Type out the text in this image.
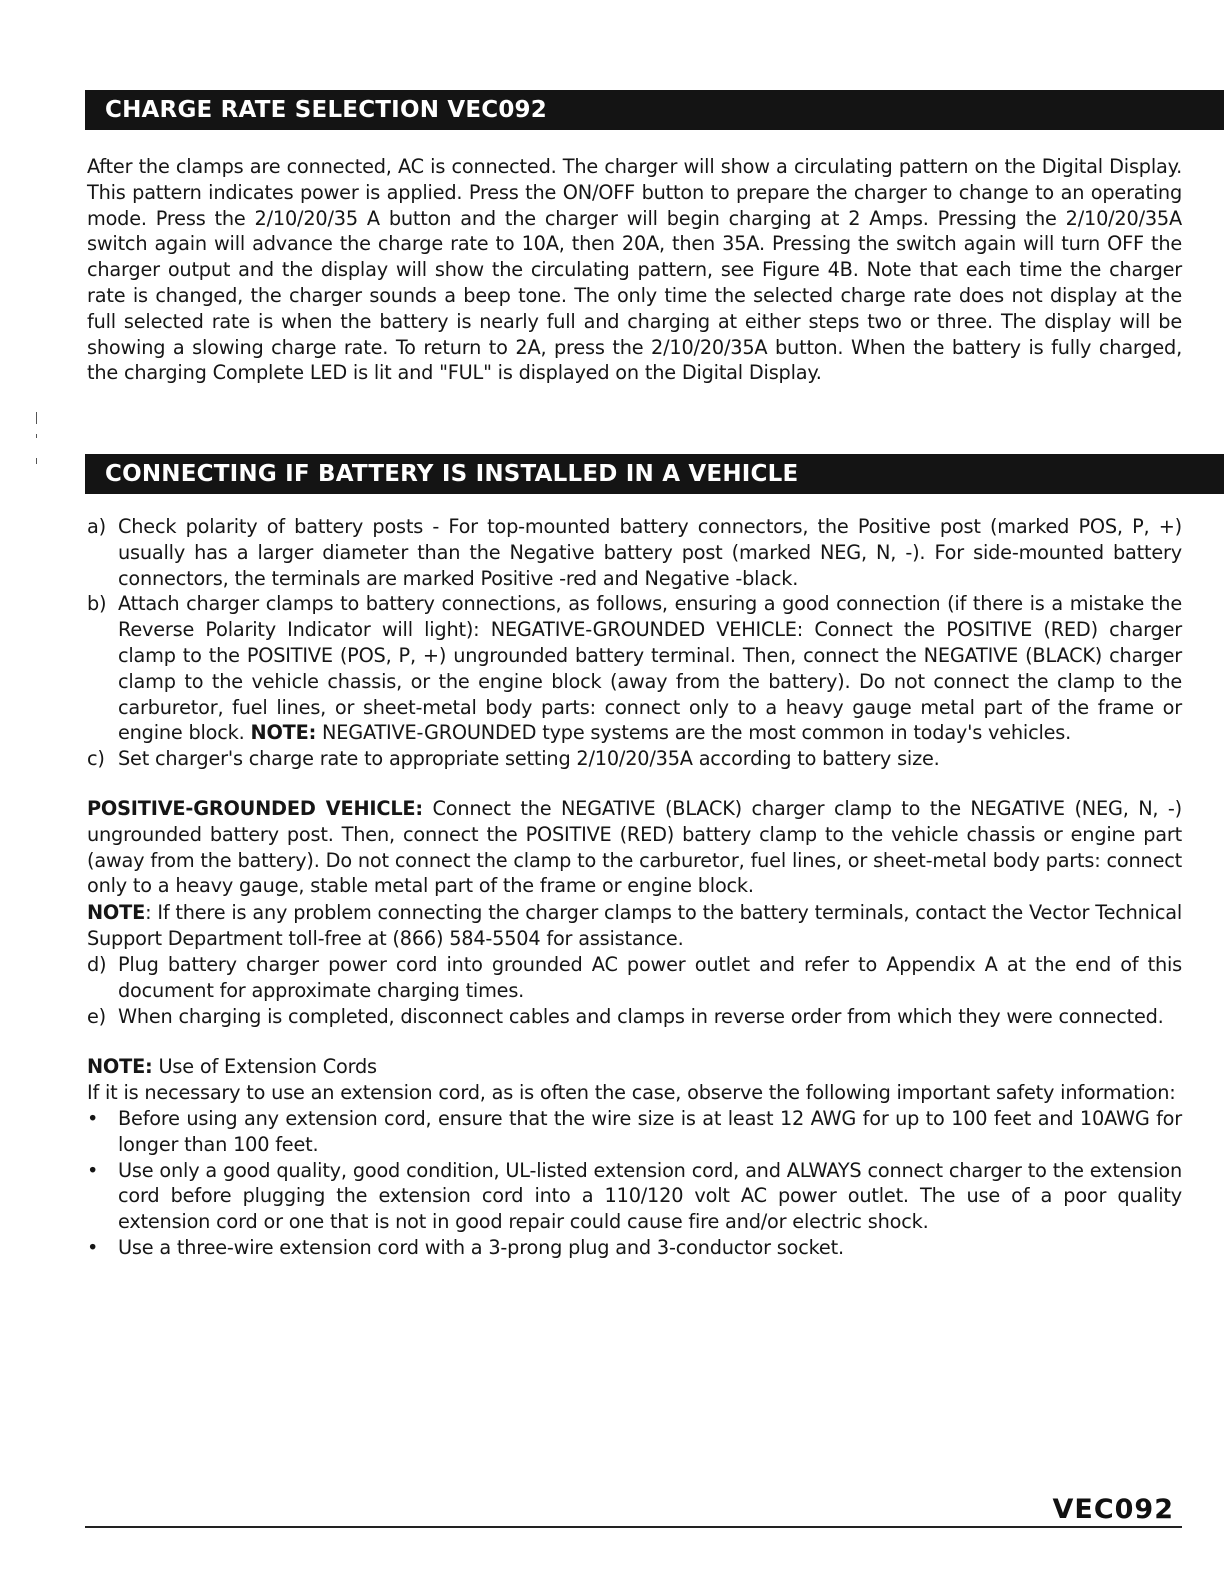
CHARGE RATE SELECTION VEC092
After the clamps are connected, AC is connected. The charger will show a circulating pattern on the Digital Display. This pattern indicates power is applied. Press the ON/OFF button to prepare the charger to change to an operating mode. Press the 2/10/20/35 A button and the charger will begin charging at 2 Amps. Pressing the 2/10/20/35A switch again will advance the charge rate to 10A, then 20A, then 35A. Pressing the switch again will turn OFF the charger output and the display will show the circulating pattern, see Figure 4B. Note that each time the charger rate is changed, the charger sounds a beep tone. The only time the selected charge rate does not display at the full selected rate is when the battery is nearly full and charging at either steps two or three. The display will be showing a slowing charge rate. To return to 2A, press the 2/10/20/35A button. When the battery is fully charged, the charging Complete LED is lit and "FUL" is displayed on the Digital Display.
CONNECTING IF BATTERY IS INSTALLED IN A VEHICLE
a) Check polarity of battery posts - For top-mounted battery connectors, the Positive post (marked POS, P, +) usually has a larger diameter than the Negative battery post (marked NEG, N, -). For side-mounted battery connectors, the terminals are marked Positive -red and Negative -black.
b) Attach charger clamps to battery connections, as follows, ensuring a good connection (if there is a mistake the Reverse Polarity Indicator will light): NEGATIVE-GROUNDED VEHICLE: Connect the POSITIVE (RED) charger clamp to the POSITIVE (POS, P, +) ungrounded battery terminal. Then, connect the NEGATIVE (BLACK) charger clamp to the vehicle chassis, or the engine block (away from the battery). Do not connect the clamp to the carburetor, fuel lines, or sheet-metal body parts: connect only to a heavy gauge metal part of the frame or engine block. NOTE: NEGATIVE-GROUNDED type systems are the most common in today's vehicles.
c) Set charger's charge rate to appropriate setting 2/10/20/35A according to battery size.
POSITIVE-GROUNDED VEHICLE: Connect the NEGATIVE (BLACK) charger clamp to the NEGATIVE (NEG, N, -) ungrounded battery post. Then, connect the POSITIVE (RED) battery clamp to the vehicle chassis or engine part (away from the battery). Do not connect the clamp to the carburetor, fuel lines, or sheet-metal body parts: connect only to a heavy gauge, stable metal part of the frame or engine block.
NOTE: If there is any problem connecting the charger clamps to the battery terminals, contact the Vector Technical Support Department toll-free at (866) 584-5504 for assistance.
d) Plug battery charger power cord into grounded AC power outlet and refer to Appendix A at the end of this document for approximate charging times.
e) When charging is completed, disconnect cables and clamps in reverse order from which they were connected.
NOTE: Use of Extension Cords
If it is necessary to use an extension cord, as is often the case, observe the following important safety information:
• Before using any extension cord, ensure that the wire size is at least 12 AWG for up to 100 feet and 10AWG for longer than 100 feet.
• Use only a good quality, good condition, UL-listed extension cord, and ALWAYS connect charger to the extension cord before plugging the extension cord into a 110/120 volt AC power outlet. The use of a poor quality extension cord or one that is not in good repair could cause fire and/or electric shock.
• Use a three-wire extension cord with a 3-prong plug and 3-conductor socket.
VEC092
